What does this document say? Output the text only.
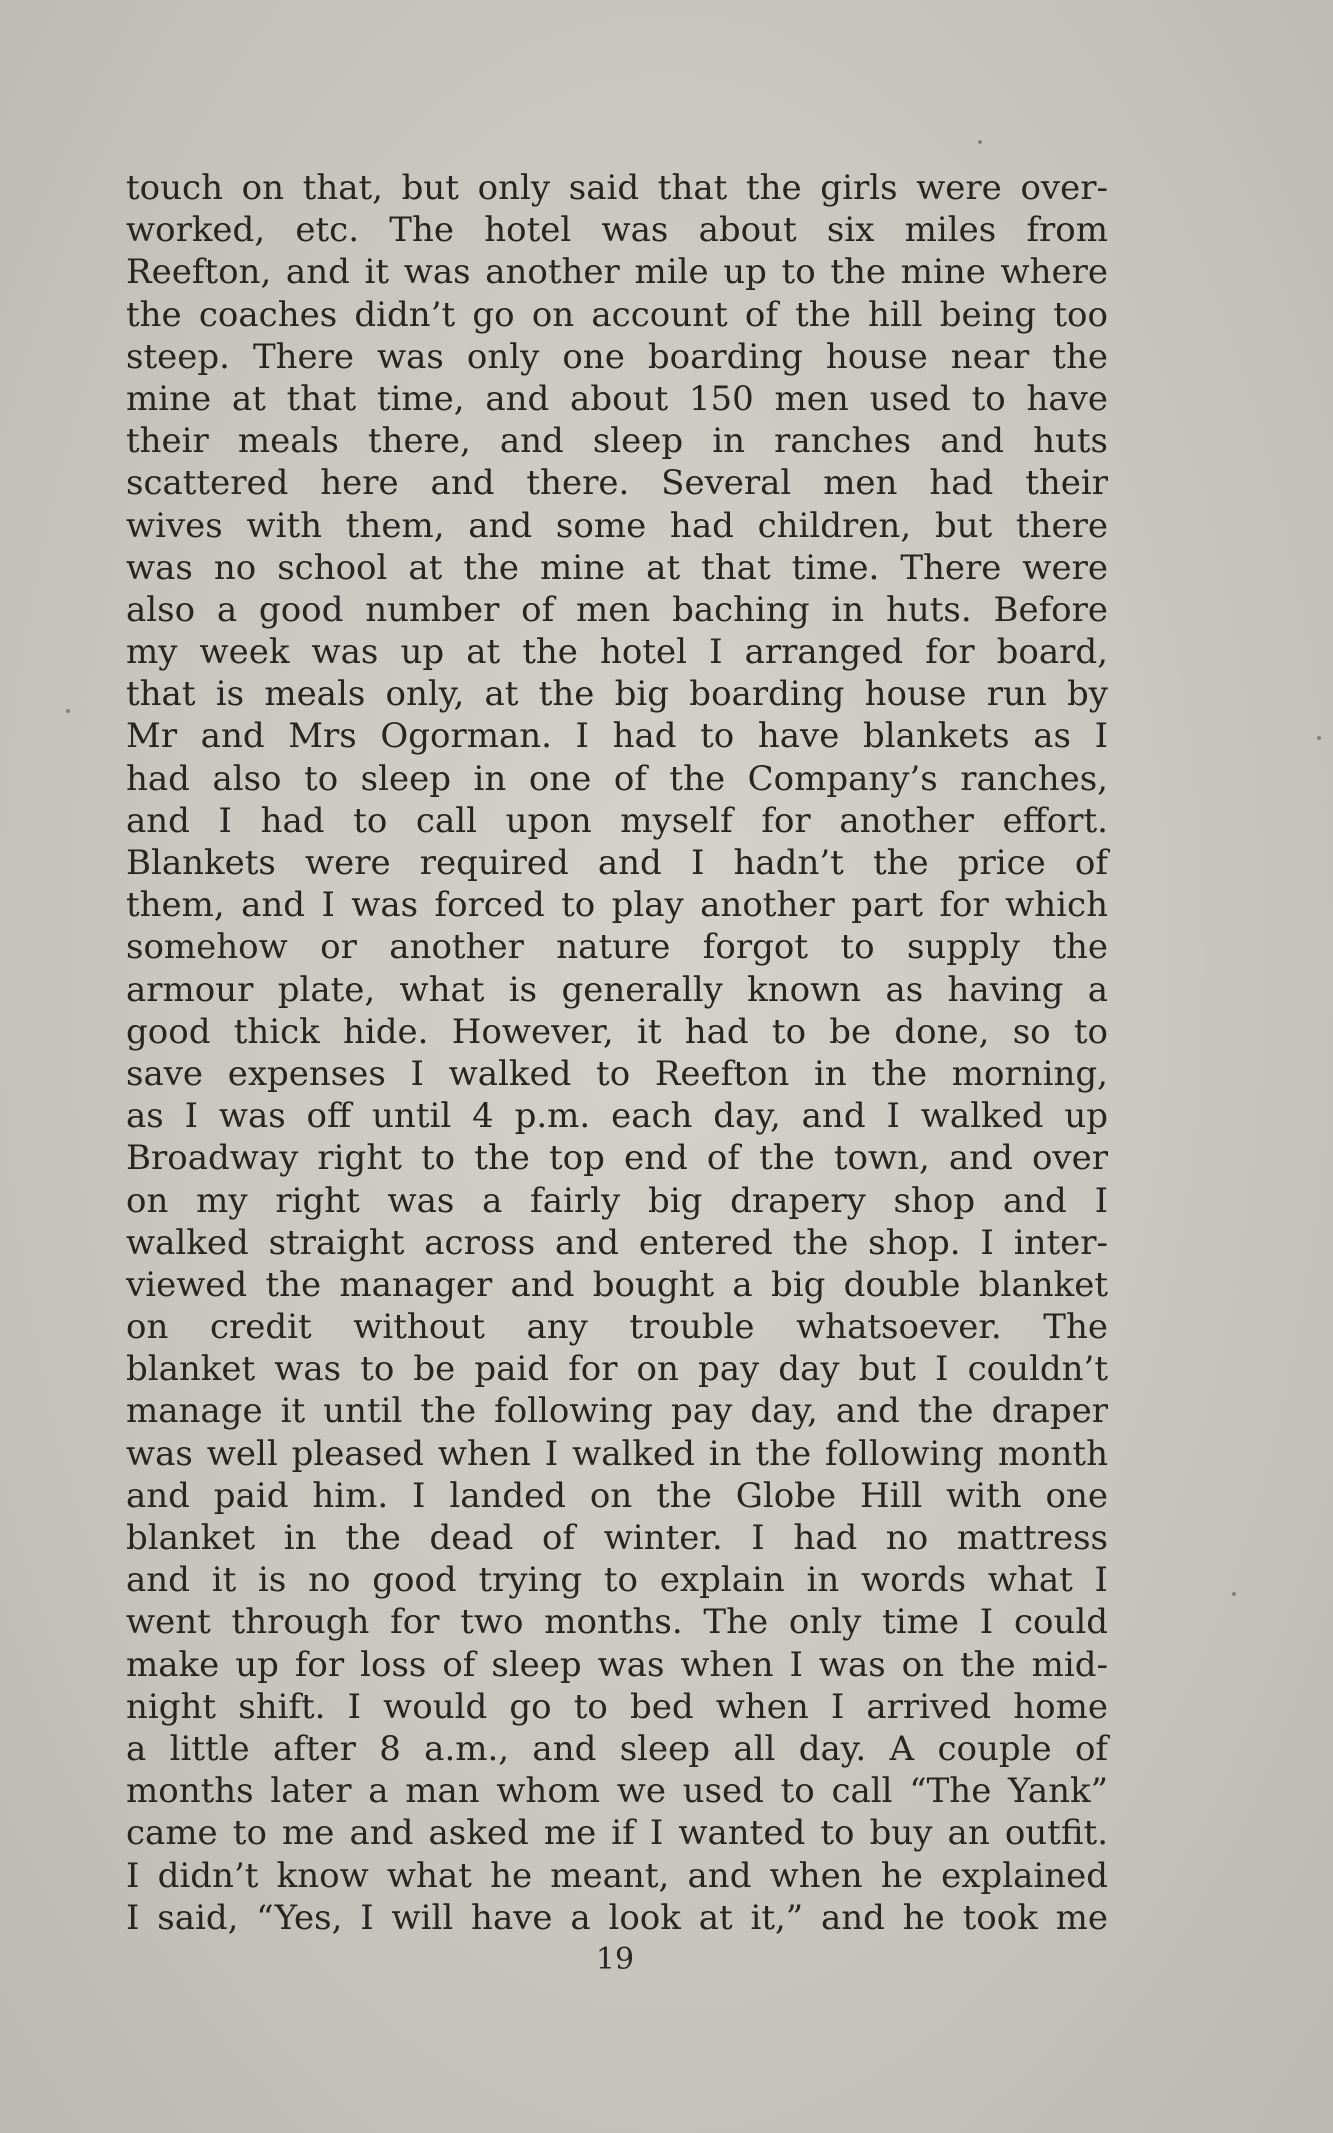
touch on that, but only said that the girls were over-
worked, etc. The hotel was about six miles from
Reefton, and it was another mile up to the mine where
the coaches didn’t go on account of the hill being too
steep. There was only one boarding house near the
mine at that time, and about 150 men used to have
their meals there, and sleep in ranches and huts
scattered here and there. Several men had their
wives with them, and some had children, but there
was no school at the mine at that time. There were
also a good number of men baching in huts. Before
my week was up at the hotel I arranged for board,
that is meals only, at the big boarding house run by
Mr and Mrs Ogorman. I had to have blankets as I
had also to sleep in one of the Company’s ranches,
and I had to call upon myself for another effort.
Blankets were required and I hadn’t the price of
them, and I was forced to play another part for which
somehow or another nature forgot to supply the
armour plate, what is generally known as having a
good thick hide. However, it had to be done, so to
save expenses I walked to Reefton in the morning,
as I was off until 4 p.m. each day, and I walked up
Broadway right to the top end of the town, and over
on my right was a fairly big drapery shop and I
walked straight across and entered the shop. I inter-
viewed the manager and bought a big double blanket
on credit without any trouble whatsoever. The
blanket was to be paid for on pay day but I couldn’t
manage it until the following pay day, and the draper
was well pleased when I walked in the following month
and paid him. I landed on the Globe Hill with one
blanket in the dead of winter. I had no mattress
and it is no good trying to explain in words what I
went through for two months. The only time I could
make up for loss of sleep was when I was on the mid-
night shift. I would go to bed when I arrived home
a little after 8 a.m., and sleep all day. A couple of
months later a man whom we used to call “The Yank”
came to me and asked me if I wanted to buy an outfit.
I didn’t know what he meant, and when he explained
I said, “Yes, I will have a look at it,” and he took me
19
